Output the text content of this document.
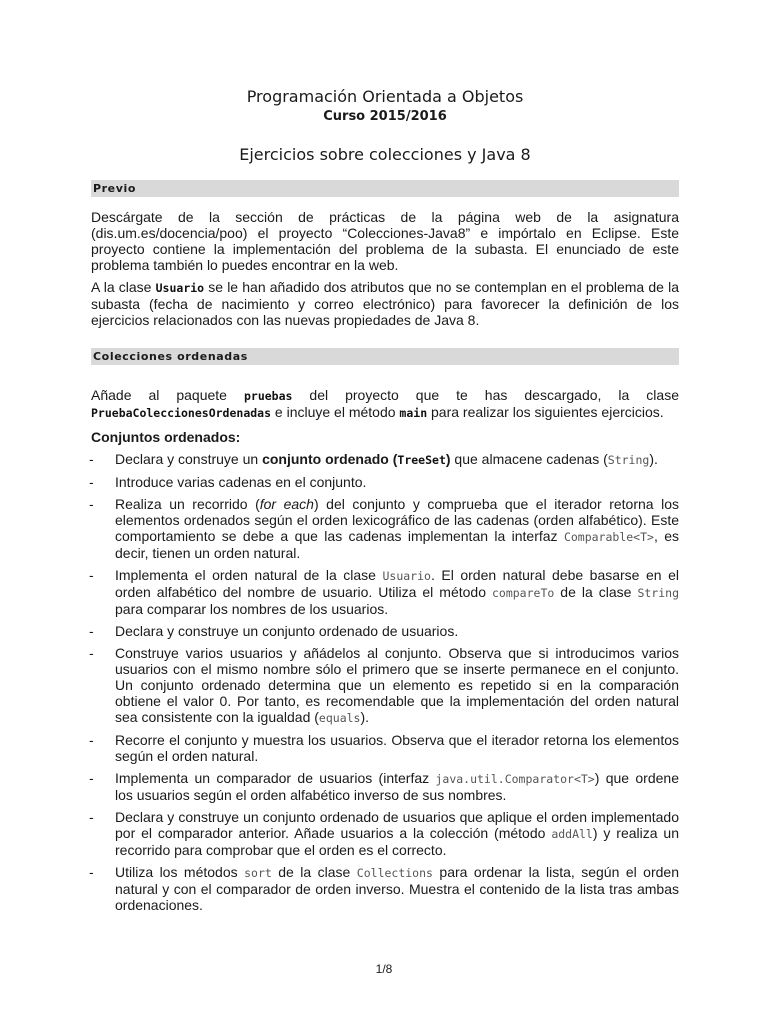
Programación Orientada a Objetos
Curso 2015/2016
Ejercicios sobre colecciones y Java 8
Previo

Descárgate de la sección de prácticas de la página web de la asignatura (dis.um.es/docencia/poo) el proyecto “Colecciones-Java8” e impórtalo en Eclipse. Este proyecto contiene la implementación del problema de la subasta. El enunciado de este problema también lo puedes encontrar en la web.

A la clase Usuario se le han añadido dos atributos que no se contemplan en el problema de la subasta (fecha de nacimiento y correo electrónico) para favorecer la definición de los ejercicios relacionados con las nuevas propiedades de Java 8.

Colecciones ordenadas

Añade al paquete pruebas del proyecto que te has descargado, la clase PruebaColeccionesOrdenadas e incluye el método main para realizar los siguientes ejercicios.

Conjuntos ordenados:

- Declara y construye un conjunto ordenado (TreeSet) que almacene cadenas (String).
- Introduce varias cadenas en el conjunto.
- Realiza un recorrido (for each) del conjunto y comprueba que el iterador retorna los elementos ordenados según el orden lexicográfico de las cadenas (orden alfabético). Este comportamiento se debe a que las cadenas implementan la interfaz Comparable<T>, es decir, tienen un orden natural.
- Implementa el orden natural de la clase Usuario. El orden natural debe basarse en el orden alfabético del nombre de usuario. Utiliza el método compareTo de la clase String para comparar los nombres de los usuarios.
- Declara y construye un conjunto ordenado de usuarios.
- Construye varios usuarios y añádelos al conjunto. Observa que si introducimos varios usuarios con el mismo nombre sólo el primero que se inserte permanece en el conjunto. Un conjunto ordenado determina que un elemento es repetido si en la comparación obtiene el valor 0. Por tanto, es recomendable que la implementación del orden natural sea consistente con la igualdad (equals).
- Recorre el conjunto y muestra los usuarios. Observa que el iterador retorna los elementos según el orden natural.
- Implementa un comparador de usuarios (interfaz java.util.Comparator<T>) que ordene los usuarios según el orden alfabético inverso de sus nombres.
- Declara y construye un conjunto ordenado de usuarios que aplique el orden implementado por el comparador anterior. Añade usuarios a la colección (método addAll) y realiza un recorrido para comprobar que el orden es el correcto.
- Utiliza los métodos sort de la clase Collections para ordenar la lista, según el orden natural y con el comparador de orden inverso. Muestra el contenido de la lista tras ambas ordenaciones.
1/8
